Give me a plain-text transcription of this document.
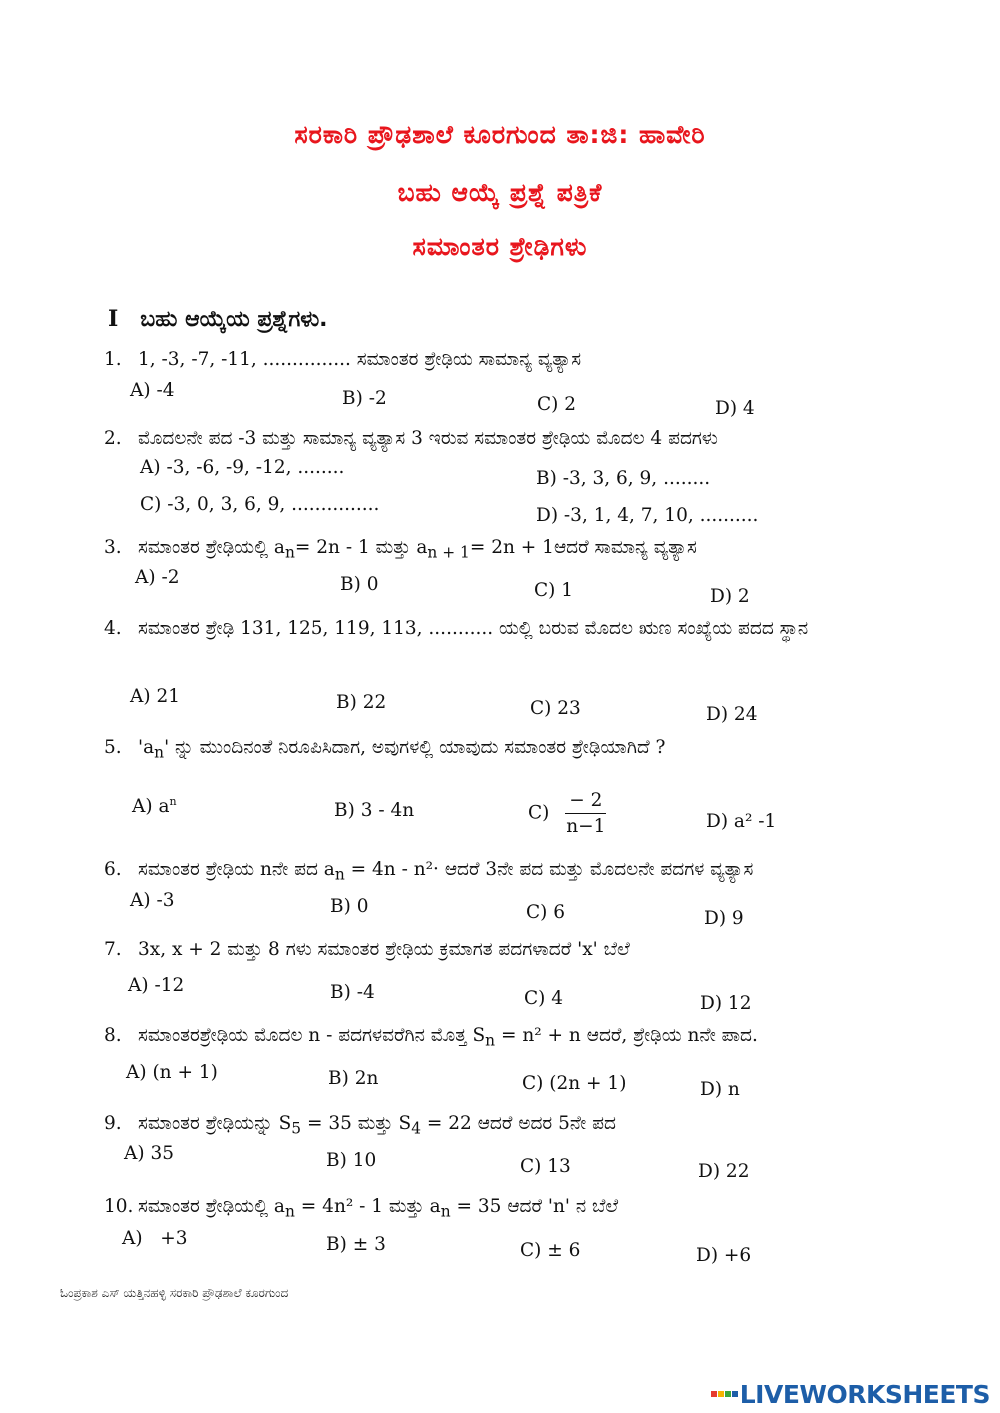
ಸರಕಾರಿ ಪ್ರೌಢಶಾಲೆ ಕೂರಗುಂದ ತಾ:ಜಿ: ಹಾವೇರಿ
ಬಹು ಆಯ್ಕೆ ಪ್ರಶ್ನೆ ಪತ್ರಿಕೆ
ಸಮಾಂತರ ಶ್ರೇಢಿಗಳು
I ಬಹು ಆಯ್ಕೆಯ ಪ್ರಶ್ನೆಗಳು.
1. 1, -3, -7, -11, ............... ಸಮಾಂತರ ಶ್ರೇಢಿಯ ಸಾಮಾನ್ಯ ವ್ಯತ್ಯಾಸ
A) -4	B) -2	C) 2	D) 4
2. ಮೊದಲನೇ ಪದ -3 ಮತ್ತು ಸಾಮಾನ್ಯ ವ್ಯತ್ಯಾಸ 3 ಇರುವ ಸಮಾಂತರ ಶ್ರೇಢಿಯ ಮೊದಲ 4 ಪದಗಳು
A) -3, -6, -9, -12, ........
B) -3, 3, 6, 9, ........
C) -3, 0, 3, 6, 9, ...............
D) -3, 1, 4, 7, 10, ..........
3. ಸಮಾಂತರ ಶ್ರೇಢಿಯಲ್ಲಿ $a_n= 2n - 1$ ಮತ್ತು $a_{n + 1}= 2n$ + 1ಆದರೆ ಸಾಮಾನ್ಯ ವ್ಯತ್ಯಾಸ
A) -2	B) 0	C) 1	D) 2
4. ಸಮಾಂತರ ಶ್ರೇಢಿ 131, 125, 119, 113, ........... ಯಲ್ಲಿ ಬರುವ ಮೊದಲ ಋಣ ಸಂಖ್ಯೆಯ ಪದದ ಸ್ಥಾನ
A) 21	B) 22	C) 23	D) 24
5. '$a_n$' ನ್ನು ಮುಂದಿನಂತೆ ನಿರೂಪಿಸಿದಾಗ, ಅವುಗಳಲ್ಲಿ ಯಾವುದು ಸಮಾಂತರ ಶ್ರೇಢಿಯಾಗಿದೆ ?
A) $a^n$	B) 3 - 4n	$C) \frac{- 2}{n-1}$	D) a² -1
6. ಸಮಾಂತರ ಶ್ರೇಢಿಯ nನೇ ಪದ $a_n = 4n - n^2\cdot$ ಆದರೆ 3ನೇ ಪದ ಮತ್ತು ಮೊದಲನೇ ಪದಗಳ ವ್ಯತ್ಯಾಸ
A) -3	B) 0	C) 6	D) 9
7. 3x, x + 2 ಮತ್ತು 8 ಗಳು ಸಮಾಂತರ ಶ್ರೇಢಿಯ ಕ್ರಮಾಗತ ಪದಗಳಾದರೆ 'x' ಬೆಲೆ
A) -12	B) -4	C) 4	D) 12
8. ಸಮಾಂತರಶ್ರೇಢಿಯ ಮೊದಲ n - ಪದಗಳವರೆಗಿನ ಮೊತ್ತ $S_n = n^2 + n$ ಆದರೆ, ಶ್ರೇಢಿಯ nನೇ ಪಾದ.
A) (n + 1)	B) 2n	C) (2n + 1)	D) n
9. ಸಮಾಂತರ ಶ್ರೇಢಿಯನ್ನು $S_5 = 35$ ಮತ್ತು $S_4 = 22$ ಆದರೆ ಅದರ 5ನೇ ಪದ
A) 35	B) 10	C) 13	D) 22
10. ಸಮಾಂತರ ಶ್ರೇಢಿಯಲ್ಲಿ $a_n = 4n^2 - 1$ ಮತ್ತು $a_n = 35$ ಆದರೆ 'n' ನ ಬೆಲೆ
A)   +3	B) ± 3	C) ± 6	D) +6
ಓಂಪ್ರಕಾಶ ಎಸ್ ಯತ್ತಿನಹಳ್ಳಿ ಸರಕಾರಿ ಪ್ರೌಢಶಾಲೆ ಕೂರಗುಂದ
LIVEWORKSHEETS
